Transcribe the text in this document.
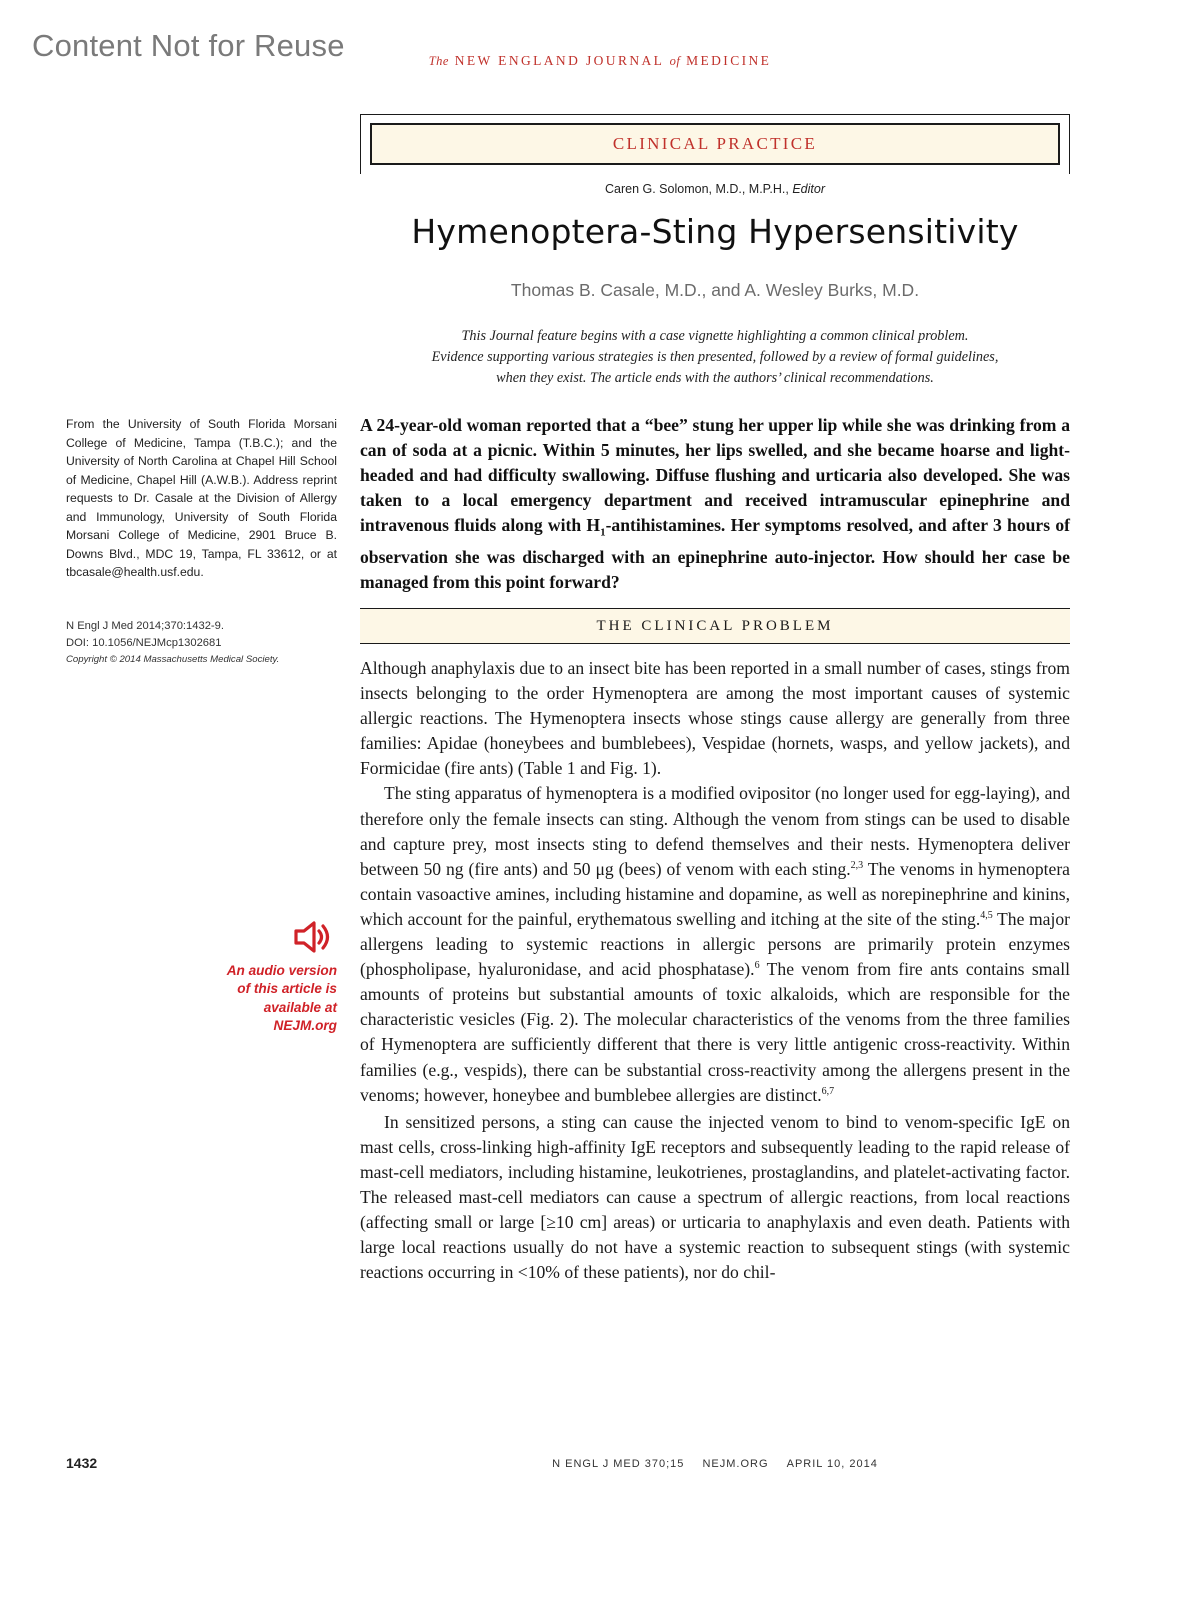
Content Not for Reuse	The NEW ENGLAND JOURNAL of MEDICINE
CLINICAL PRACTICE
Caren G. Solomon, M.D., M.P.H., Editor
Hymenoptera-Sting Hypersensitivity
Thomas B. Casale, M.D., and A. Wesley Burks, M.D.
This Journal feature begins with a case vignette highlighting a common clinical problem.
Evidence supporting various strategies is then presented, followed by a review of formal guidelines,
when they exist. The article ends with the authors’ clinical recommendations.
A 24-year-old woman reported that a “bee” stung her upper lip while she was drinking from a can of soda at a picnic. Within 5 minutes, her lips swelled, and she became hoarse and light-headed and had difficulty swallowing. Diffuse flushing and urticaria also developed. She was taken to a local emergency department and received intramuscular epinephrine and intravenous fluids along with $H_1$-antihistamines. Her symptoms resolved, and after 3 hours of observation she was discharged with an epinephrine auto-injector. How should her case be managed from this point forward?
From the University of South Florida Morsani College of Medicine, Tampa (T.B.C.); and the University of North Carolina at Chapel Hill School of Medicine, Chapel Hill (A.W.B.). Address reprint requests to Dr. Casale at the Division of Allergy and Immunology, University of South Florida Morsani College of Medicine, 2901 Bruce B. Downs Blvd., MDC 19, Tampa, FL 33612, or at tbcasale@health.usf.edu.
N Engl J Med 2014;370:1432-9.
DOI: 10.1056/NEJMcp1302681
Copyright © 2014 Massachusetts Medical Society.
THE CLINICAL PROBLEM

Although anaphylaxis due to an insect bite has been reported in a small number of cases, stings from insects belonging to the order Hymenoptera are among the most important causes of systemic allergic reactions. The Hymenoptera insects whose stings cause allergy are generally from three families: Apidae (honeybees and bumblebees), Vespidae (hornets, wasps, and yellow jackets), and Formicidae (fire ants) (Table 1 and Fig. 1).

The sting apparatus of hymenoptera is a modified ovipositor (no longer used for egg-laying), and therefore only the female insects can sting. Although the venom from stings can be used to disable and capture prey, most insects sting to defend themselves and their nests. Hymenoptera deliver between 50 ng (fire ants) and 50 μg (bees) of venom with each sting.$^{2,3}$ The venoms in hymenoptera contain vasoactive amines, including histamine and dopamine, as well as norepinephrine and kinins, which account for the painful, erythematous swelling and itching at the site of the sting.$^{4,5}$ The major allergens leading to systemic reactions in allergic persons are primarily protein enzymes (phospholipase, hyaluronidase, and acid phosphatase).$^6$ The venom from fire ants contains small amounts of proteins but substantial amounts of toxic alkaloids, which are responsible for the characteristic vesicles (Fig. 2). The molecular characteristics of the venoms from the three families of Hymenoptera are sufficiently different that there is very little antigenic cross-reactivity. Within families (e.g., vespids), there can be substantial cross-reactivity among the allergens present in the venoms; however, honeybee and bumblebee allergies are distinct.$^{6,7}$

In sensitized persons, a sting can cause the injected venom to bind to venom-specific IgE on mast cells, cross-linking high-affinity IgE receptors and subsequently leading to the rapid release of mast-cell mediators, including histamine, leukotrienes, prostaglandins, and platelet-activating factor. The released mast-cell mediators can cause a spectrum of allergic reactions, from local reactions (affecting small or large [≥10 cm] areas) or urticaria to anaphylaxis and even death. Patients with large local reactions usually do not have a systemic reaction to subsequent stings (with systemic reactions occurring in <10% of these patients), nor do chil-

An audio version
of this article is
available at
NEJM.org
1432	N ENGL J MED 370;15 NEJM.ORG APRIL 10, 2014
